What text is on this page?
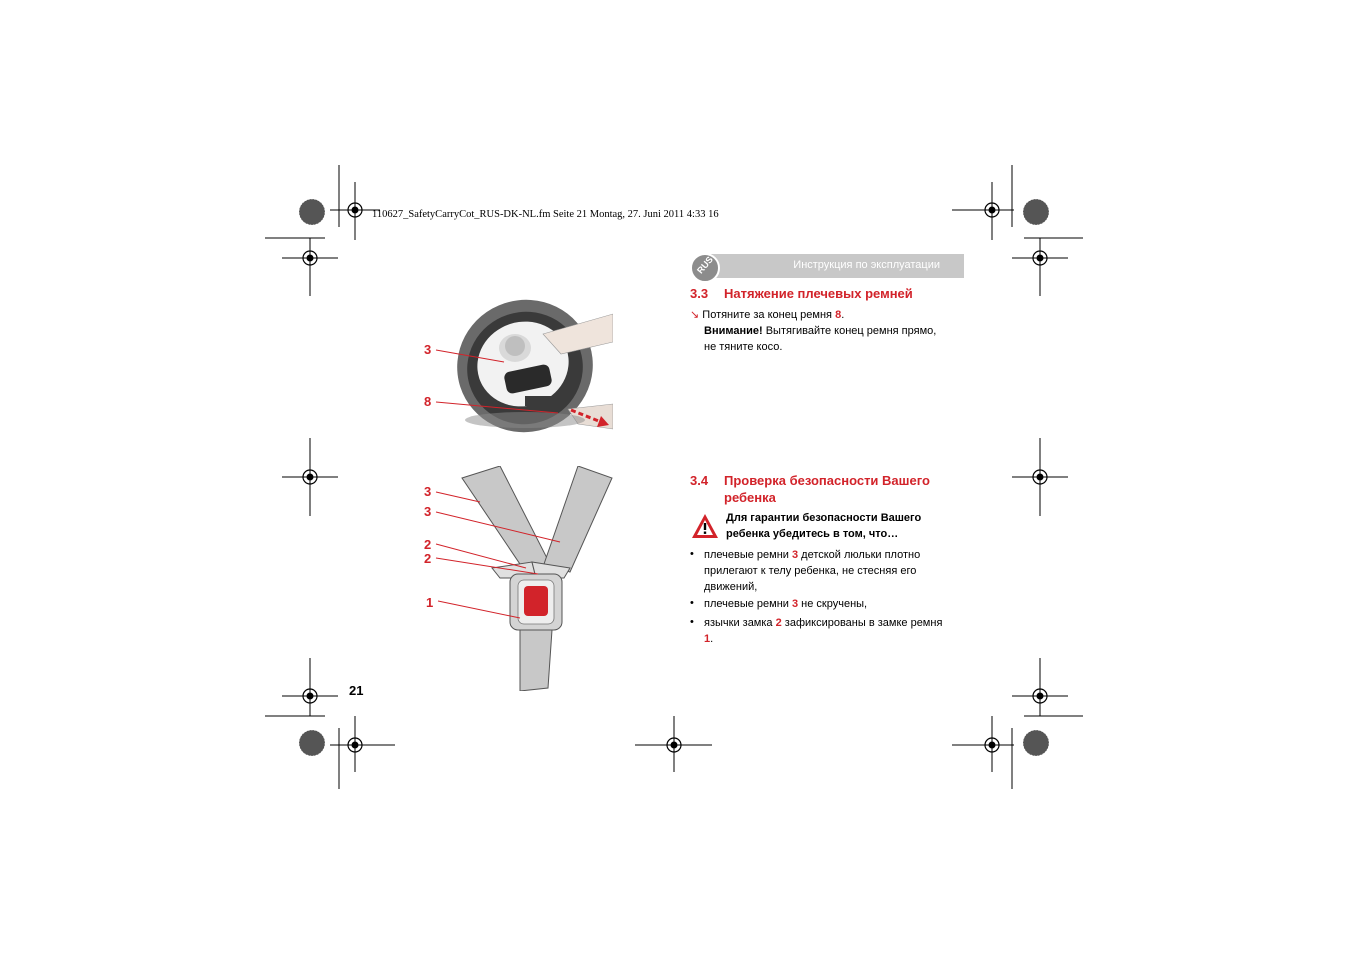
110627_SafetyCarryCot_RUS-DK-NL.fm Seite 21 Montag, 27. Juni 2011 4:33 16
RUS	Инструкция по эксплуатации
3
8
3
3
2
2
1
3.3 Натяжение плечевых ремней
↘ Потяните за конец ремня 8.
Внимание! Вытягивайте конец ремня прямо,
не тяните косо.
3.4 Проверка безопасности Вашего
ребенка
Для гарантии безопасности Вашего
ребенка убедитесь в том, что…
• плечевые ремни 3 детской люльки плотно
прилегают к телу ребенка, не стесняя его
движений,
• плечевые ремни 3 не скручены,
• язычки замка 2 зафиксированы в замке ремня
1.
21
